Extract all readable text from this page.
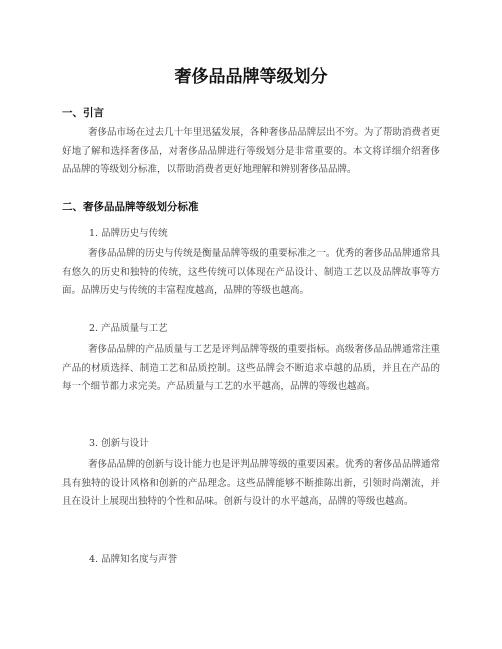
奢侈品品牌等级划分
一、引言

奢侈品市场在过去几十年里迅猛发展，各种奢侈品品牌层出不穷。为了帮助消费者更好地了解和选择奢侈品，对奢侈品品牌进行等级划分是非常重要的。本文将详细介绍奢侈品品牌的等级划分标准，以帮助消费者更好地理解和辨别奢侈品品牌。

二、奢侈品品牌等级划分标准
1. 品牌历史与传统

奢侈品品牌的历史与传统是衡量品牌等级的重要标准之一。优秀的奢侈品品牌通常具有悠久的历史和独特的传统，这些传统可以体现在产品设计、制造工艺以及品牌故事等方面。品牌历史与传统的丰富程度越高，品牌的等级也越高。

2. 产品质量与工艺

奢侈品品牌的产品质量与工艺是评判品牌等级的重要指标。高级奢侈品品牌通常注重产品的材质选择、制造工艺和品质控制。这些品牌会不断追求卓越的品质，并且在产品的每一个细节都力求完美。产品质量与工艺的水平越高，品牌的等级也越高。

3. 创新与设计

奢侈品品牌的创新与设计能力也是评判品牌等级的重要因素。优秀的奢侈品品牌通常具有独特的设计风格和创新的产品理念。这些品牌能够不断推陈出新，引领时尚潮流，并且在设计上展现出独特的个性和品味。创新与设计的水平越高，品牌的等级也越高。

4. 品牌知名度与声誉
